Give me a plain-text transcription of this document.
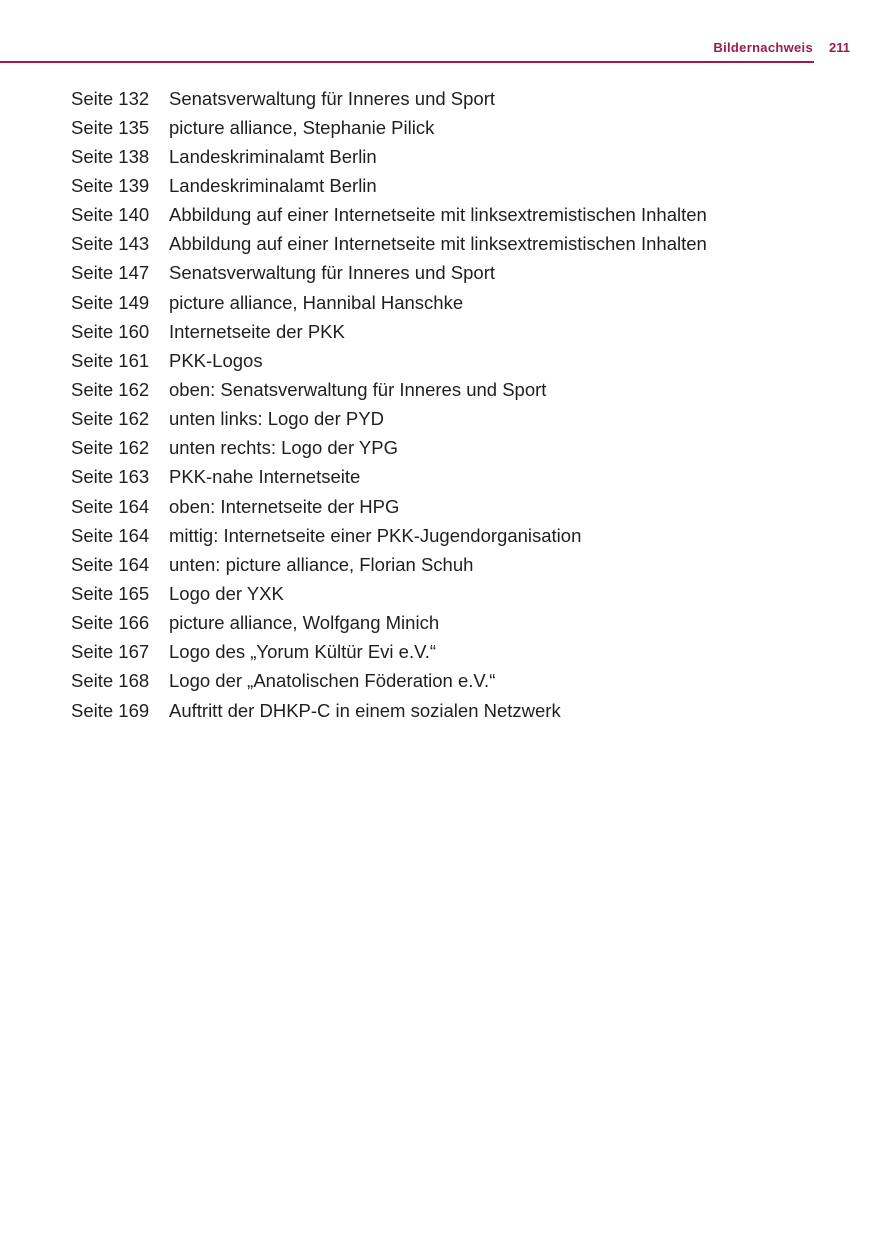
Bildernachweis 211
Seite 132	Senatsverwaltung für Inneres und Sport
Seite 135	picture alliance, Stephanie Pilick
Seite 138	Landeskriminalamt Berlin
Seite 139	Landeskriminalamt Berlin
Seite 140	Abbildung auf einer Internetseite mit linksextremistischen Inhalten
Seite 143	Abbildung auf einer Internetseite mit linksextremistischen Inhalten
Seite 147	Senatsverwaltung für Inneres und Sport
Seite 149	picture alliance, Hannibal Hanschke
Seite 160	Internetseite der PKK
Seite 161	PKK-Logos
Seite 162	oben: Senatsverwaltung für Inneres und Sport
Seite 162	unten links: Logo der PYD
Seite 162	unten rechts: Logo der YPG
Seite 163	PKK-nahe Internetseite
Seite 164	oben: Internetseite der HPG
Seite 164	mittig: Internetseite einer PKK-Jugendorganisation
Seite 164	unten: picture alliance, Florian Schuh
Seite 165	Logo der YXK
Seite 166	picture alliance, Wolfgang Minich
Seite 167	Logo des „Yorum Kültür Evi e.V.“
Seite 168	Logo der „Anatolischen Föderation e.V.“
Seite 169	Auftritt der DHKP-C in einem sozialen Netzwerk
